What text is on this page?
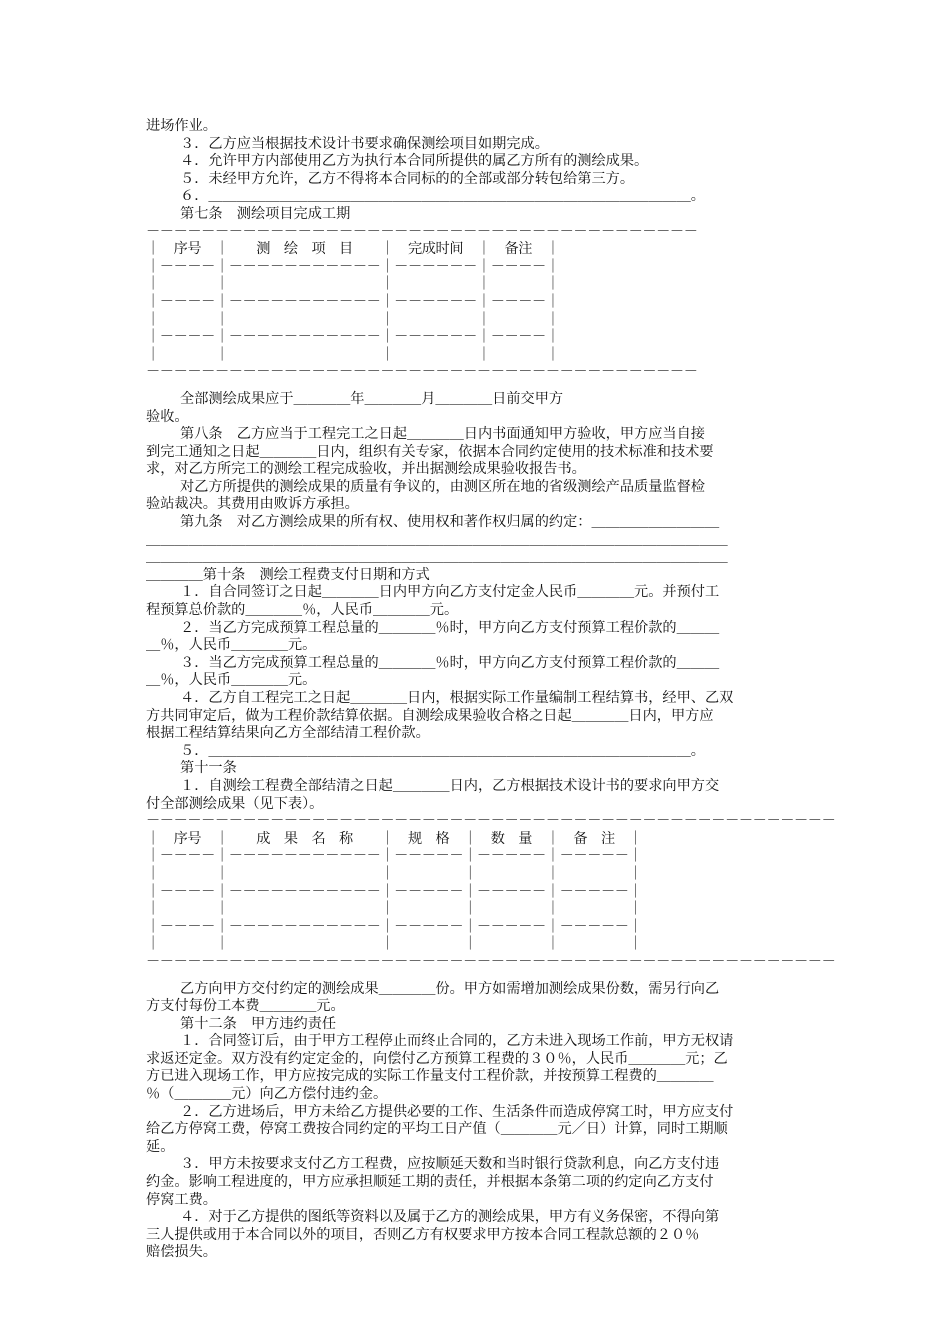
进场作业。
３．乙方应当根据技术设计书要求确保测绘项目如期完成。
４．允许甲方内部使用乙方为执行本合同所提供的属乙方所有的测绘成果。
５．未经甲方允许，乙方不得将本合同标的的全部或部分转包给第三方。
６．＿＿＿＿＿＿＿＿＿＿＿＿＿＿＿＿＿＿＿＿＿＿＿＿＿＿＿＿＿＿＿＿＿＿。
第七条　测绘项目完成工期
－－－－－－－－－－－－－－－－－－－－－－－－－－－－－－－－－－－－－－－－
｜　序号　｜　　测　绘　项　目　　｜　完成时间　｜　备注　｜
｜－－－－｜－－－－－－－－－－－｜－－－－－－｜－－－－｜
｜　　　　｜　　　　　　　　　　　｜　　　　　　｜　　　　｜
｜－－－－｜－－－－－－－－－－－｜－－－－－－｜－－－－｜
｜　　　　｜　　　　　　　　　　　｜　　　　　　｜　　　　｜
｜－－－－｜－－－－－－－－－－－｜－－－－－－｜－－－－｜
｜　　　　｜　　　　　　　　　　　｜　　　　　　｜　　　　｜
－－－－－－－－－－－－－－－－－－－－－－－－－－－－－－－－－－－－－－－－
全部测绘成果应于＿＿＿＿年＿＿＿＿月＿＿＿＿日前交甲方
验收。
第八条　乙方应当于工程完工之日起＿＿＿＿日内书面通知甲方验收，甲方应当自接
到完工通知之日起＿＿＿＿日内，组织有关专家，依据本合同约定使用的技术标准和技术要
求，对乙方所完工的测绘工程完成验收，并出据测绘成果验收报告书。
对乙方所提供的测绘成果的质量有争议的，由测区所在地的省级测绘产品质量监督检
验站裁决。其费用由败诉方承担。
第九条　对乙方测绘成果的所有权、使用权和著作权归属的约定：＿＿＿＿＿＿＿＿＿
＿＿＿＿＿＿＿＿＿＿＿＿＿＿＿＿＿＿＿＿＿＿＿＿＿＿＿＿＿＿＿＿＿＿＿＿＿＿＿＿＿
＿＿＿＿＿＿＿＿＿＿＿＿＿＿＿＿＿＿＿＿＿＿＿＿＿＿＿＿＿＿＿＿＿＿＿＿＿＿＿＿＿
＿＿＿＿第十条　测绘工程费支付日期和方式
１．自合同签订之日起＿＿＿＿日内甲方向乙方支付定金人民币＿＿＿＿元。并预付工
程预算总价款的＿＿＿＿％，人民币＿＿＿＿元。
２．当乙方完成预算工程总量的＿＿＿＿％时，甲方向乙方支付预算工程价款的＿＿＿
＿％，人民币＿＿＿＿元。
３．当乙方完成预算工程总量的＿＿＿＿％时，甲方向乙方支付预算工程价款的＿＿＿
＿％，人民币＿＿＿＿元。
４．乙方自工程完工之日起＿＿＿＿日内，根据实际工作量编制工程结算书，经甲、乙双
方共同审定后，做为工程价款结算依据。自测绘成果验收合格之日起＿＿＿＿日内，甲方应
根据工程结算结果向乙方全部结清工程价款。
５．＿＿＿＿＿＿＿＿＿＿＿＿＿＿＿＿＿＿＿＿＿＿＿＿＿＿＿＿＿＿＿＿＿＿。
第十一条
１．自测绘工程费全部结清之日起＿＿＿＿日内，乙方根据技术设计书的要求向甲方交
付全部测绘成果（见下表）。
－－－－－－－－－－－－－－－－－－－－－－－－－－－－－－－－－－－－－－－－－－－－－－－－－－
｜　序号　｜　　成　果　名　称　　｜　规　格　｜　数　量　｜　备　注　｜
｜－－－－｜－－－－－－－－－－－｜－－－－－｜－－－－－｜－－－－－｜
｜　　　　｜　　　　　　　　　　　｜　　　　　｜　　　　　｜　　　　　｜
｜－－－－｜－－－－－－－－－－－｜－－－－－｜－－－－－｜－－－－－｜
｜　　　　｜　　　　　　　　　　　｜　　　　　｜　　　　　｜　　　　　｜
｜－－－－｜－－－－－－－－－－－｜－－－－－｜－－－－－｜－－－－－｜
｜　　　　｜　　　　　　　　　　　｜　　　　　｜　　　　　｜　　　　　｜
－－－－－－－－－－－－－－－－－－－－－－－－－－－－－－－－－－－－－－－－－－－－－－－－－－
乙方向甲方交付约定的测绘成果＿＿＿＿份。甲方如需增加测绘成果份数，需另行向乙
方支付每份工本费＿＿＿＿元。
第十二条　甲方违约责任
１．合同签订后，由于甲方工程停止而终止合同的，乙方未进入现场工作前，甲方无权请
求返还定金。双方没有约定定金的，向偿付乙方预算工程费的３０％，人民币＿＿＿＿元；乙
方已进入现场工作，甲方应按完成的实际工作量支付工程价款，并按预算工程费的＿＿＿＿
％（＿＿＿＿元）向乙方偿付违约金。
２．乙方进场后，甲方未给乙方提供必要的工作、生活条件而造成停窝工时，甲方应支付
给乙方停窝工费，停窝工费按合同约定的平均工日产值（＿＿＿＿元／日）计算，同时工期顺
延。
３．甲方未按要求支付乙方工程费，应按顺延天数和当时银行贷款利息，向乙方支付违
约金。影响工程进度的，甲方应承担顺延工期的责任，并根据本条第二项的约定向乙方支付
停窝工费。
４．对于乙方提供的图纸等资料以及属于乙方的测绘成果，甲方有义务保密，不得向第
三人提供或用于本合同以外的项目，否则乙方有权要求甲方按本合同工程款总额的２０％
赔偿损失。
